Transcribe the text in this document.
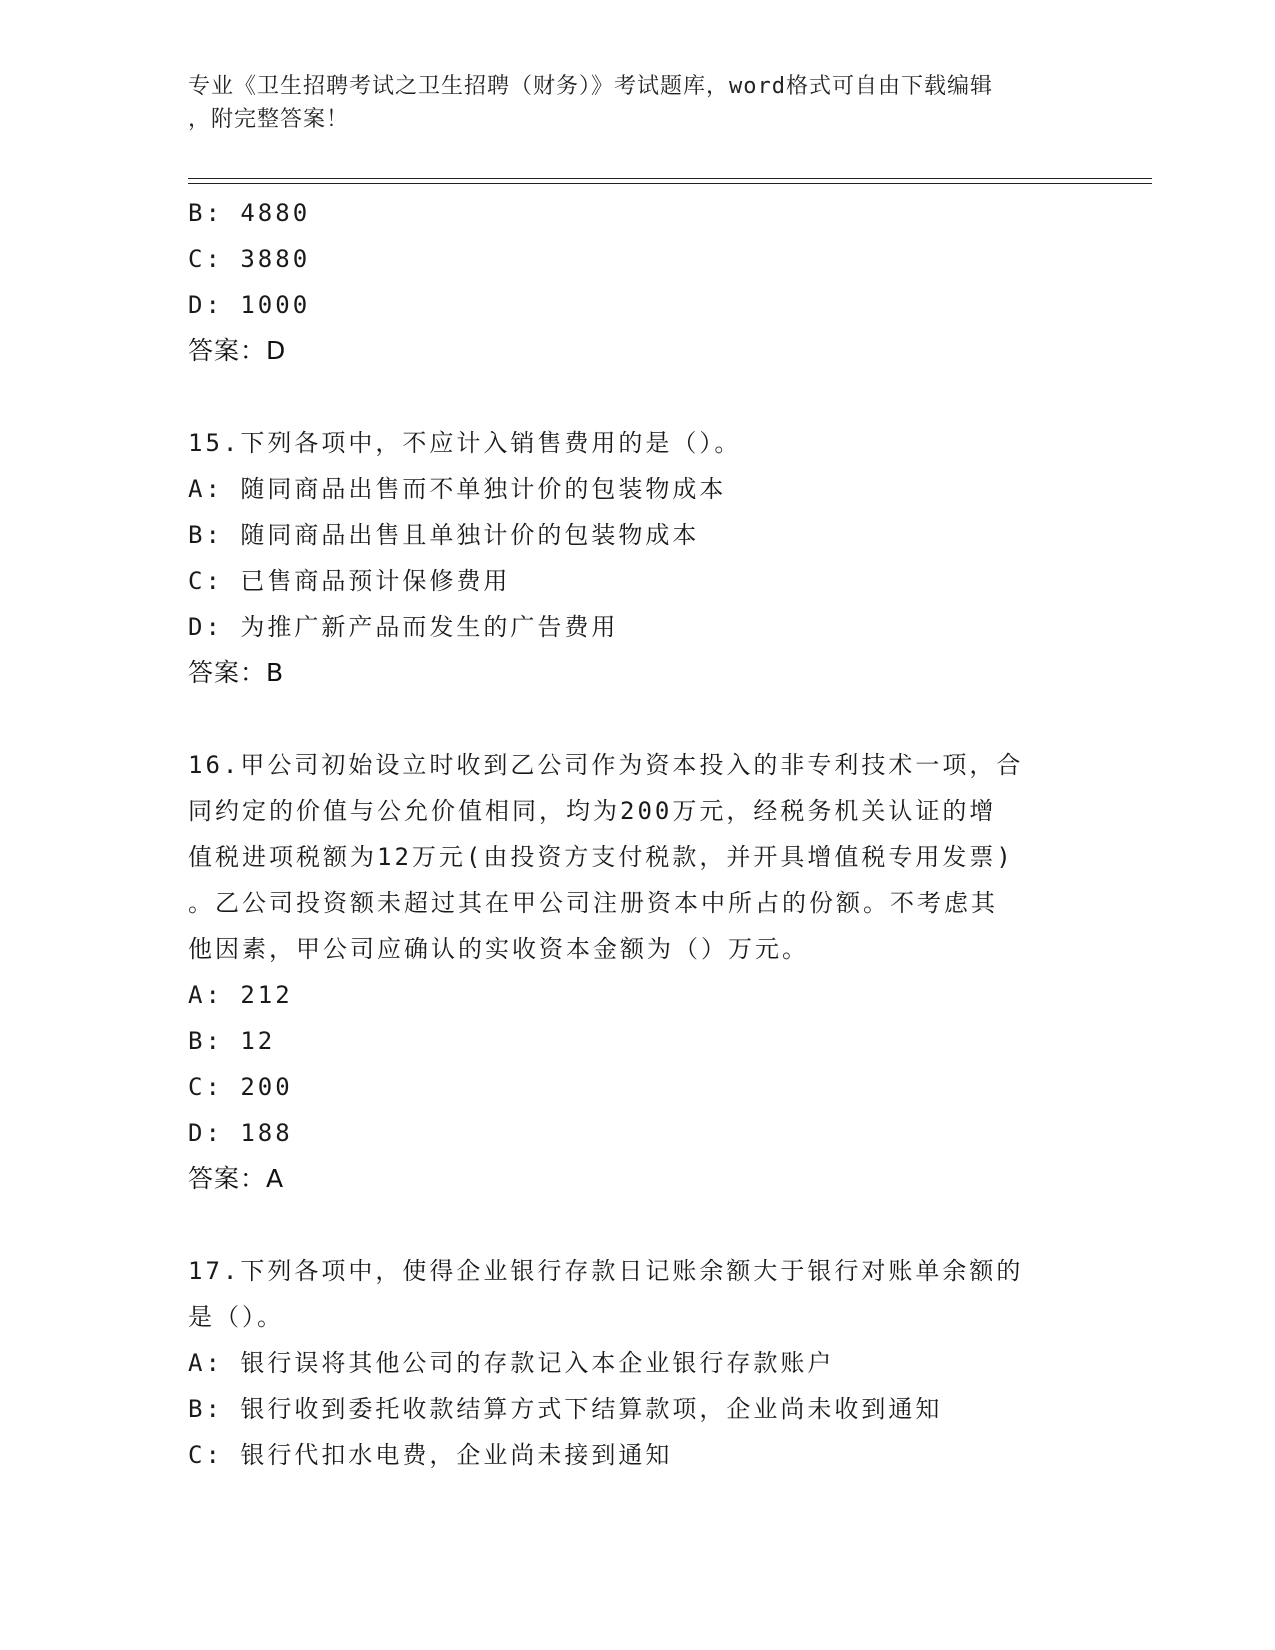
专业《卫生招聘考试之卫生招聘（财务）》考试题库，word格式可自由下载编辑
，附完整答案！
B: 4880
C: 3880
D: 1000
答案：D
15.下列各项中，不应计入销售费用的是（）。
A: 随同商品出售而不单独计价的包装物成本
B: 随同商品出售且单独计价的包装物成本
C: 已售商品预计保修费用
D: 为推广新产品而发生的广告费用
答案：B
16.甲公司初始设立时收到乙公司作为资本投入的非专利技术一项，合
同约定的价值与公允价值相同，均为200万元，经税务机关认证的增
值税进项税额为12万元(由投资方支付税款，并开具增值税专用发票)
。乙公司投资额未超过其在甲公司注册资本中所占的份额。不考虑其
他因素，甲公司应确认的实收资本金额为（）万元。
A: 212
B: 12
C: 200
D: 188
答案：A
17.下列各项中，使得企业银行存款日记账余额大于银行对账单余额的
是（）。
A: 银行误将其他公司的存款记入本企业银行存款账户
B: 银行收到委托收款结算方式下结算款项，企业尚未收到通知
C: 银行代扣水电费，企业尚未接到通知
